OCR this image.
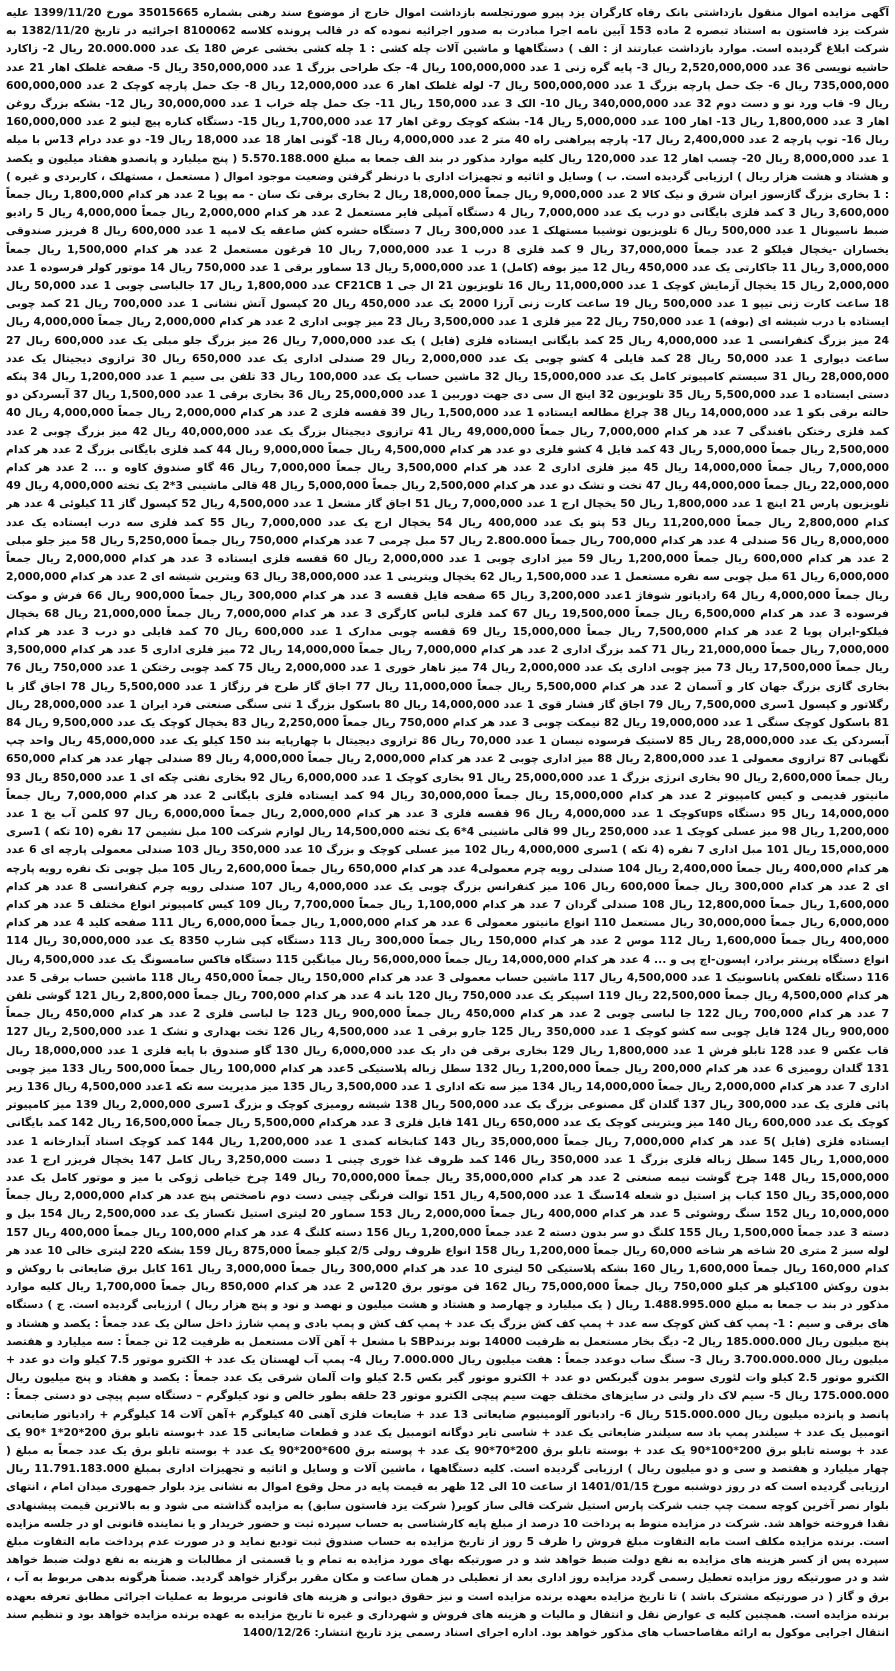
آگهی مزایده اموال منقول بازداشتی بانک رفاه کارگران یزد پیرو صورتجلسه بازداشت اموال خارج از موضوع سند رهنی بشماره 35015665 مورخ 1399/11/20 علیه شرکت یزد فاستون به استناد تبصره 2 ماده 153 آیین نامه اجرا مبادرت به صدور اجرائیه نموده که در قالب پرونده کلاسه 8100062 اجرائیه در تاریخ 1382/11/20 به شرکت ابلاغ گردیده است. موارد بازداشت عبارتند از : الف ) دستگاهها و ماشین آلات چله کشی : 1 چله کشی بخشی عرض 180 یک عدد 20.000.000 ریال 2- زاکارد حاشیه نویسی 36 عدد 2,520,000,000 ریال 3- پایه گره زنی 1 عدد 100,000,000 ریال 4- جک طراحی بزرگ 1 عدد 350,000,000 ریال 5- صفحه غلطک اهار 21 عدد 735,000,000 ریال 6- جک حمل پارچه بزرگ 1 عدد 500,000,000 ریال 7- لوله غلطک اهار 6 عدد 12,000,000 ریال 8- جک حمل پارچه کوچک 2 عدد 600,000,000 ریال 9- قاب ورد نو و دست دوم 32 عدد 340,000,000 ریال 10- الک 3 عدد 150,000 ریال 11- جک حمل چله خراب 1 عدد 30,000,000 ریال 12- بشکه بزرگ روغن اهار 3 عدد 1,800,000 ریال 13- اهار 100 عدد 5,000,000 ریال 14- بشکه کوچک روغن اهار 17 عدد 1,700,000 ریال 15- دستگاه کناره پیچ لینو 2 عدد 160,000,000 ریال 16- توپ پارچه 2 عدد 2,400,000 ریال 17- پارچه پیراهنی راه 40 متر 2 عدد 4,000,000 ریال 18- گونی اهار 18 عدد 18,000 ریال 19- دو عدد درام 13س با میله 1 عدد 8,000,000 ریال 20- چسب اهار 12 عدد 120,000 ریال کلیه موارد مذکور در بند الف جمعا به مبلغ 5.570.188.000 ( پنج میلیارد و پانصدو هفتاد میلیون و یکصد و هشتاد و هشت هزار ریال ) ارزیابی گردیده است. ب ) وسایل و اثاثیه و تجهیزات اداری با درنظر گرفتن وضعیت موجود اموال ( مستعمل ، مستهلک ، کاربردی و غیره ) : 1 بخاری بزرگ گازسوز ایران شرق و نیک کالا 2 عدد 9,000,000 ریال جمعاً 18,000,000 ریال 2 بخاری برقی تک سان - مه پویا 2 عدد هر کدام 1,800,000 ریال جمعاً 3,600,000 ریال 3 کمد فلزی بایگانی دو درب یک عدد 7,000,000 ریال 4 دستگاه آمپلی فایر مستعمل 2 عدد هر کدام 2,000,000 ریال جمعاً 4,000,000 ریال 5 رادیو ضبط ناسیونال 1 عدد 500,000 ریال 6 تلویزیون توشیبا مستهلک 1 عدد 300,000 ریال 7 دستگاه حشره کش صاعقه یک لامپه 1 عدد 600,000 ریال 8 فریزر صندوقی یخساران -یخچال فیلکو 2 عدد جمعاً 37,000,000 ریال 9 کمد فلزی 8 درب 1 عدد 7,000,000 ریال 10 فرغون مستعمل 2 عدد هر کدام 1,500,000 ریال جمعاً 3,000,000 ریال 11 جاکارتی یک عدد 450,000 ریال 12 میز بوفه (کامل) 1 عدد 5,000,000 ریال 13 سماور برقی 1 عدد 750,000 ریال 14 موتور کولر فرسوده 1 عدد 2,000,000 ریال 15 یخچال آزمایش کوچک 1 عدد 11,000,000 ریال 16 تلویزیون 21 ال جی 1 CF21CB عدد 1,800,000 ریال 17 جالباسی چوبی 1 عدد 50,000 ریال 18 ساعت کارت زنی تیپو 1 عدد 500,000 ریال 19 ساعت کارت زنی آرزا 2000 یک عدد 450,000 ریال 20 کپسول آتش نشانی 1 عدد 700,000 ریال 21 کمد چوبی ایستاده با درب شیشه ای (بوفه) 1 عدد 750,000 ریال 22 میز فلزی 1 عدد 3,500,000 ریال 23 میز چوبی اداری 2 عدد هر کدام 2,000,000 ریال جمعاً 4,000,000 ریال 24 میز بزرگ کنفرانسی 1 عدد 4,000,000 ریال 25 کمد بایگانی ایستاده فلزی (فایل ) یک عدد 7,000,000 ریال 26 میز بزرگ جلو مبلی یک عدد 600,000 ریال 27 ساعت دیواری 1 عدد 50,000 ریال 28 کمد فایلی 4 کشو چوبی یک عدد 2,000,000 ریال 29 صندلی اداری یک عدد 650,000 ریال 30 ترازوی دیجیتال یک عدد 28,000,000 ریال 31 سیستم کامپیوتر کامل یک عدد 15,000,000 ریال 32 ماشین حساب یک عدد 100,000 ریال 33 تلفن بی سیم 1 عدد 1,200,000 ریال 34 پنکه دستی ایستاده 1 عدد 5,500,000 ریال 35 تلویزیون 32 اینچ ال سی دی جهت دوربین 1 عدد 25,000,000 ریال 36 بخاری برقی 1 عدد 1,500,000 ریال 37 آبسردکن دو حالته برقی بکو 1 عدد 14,000,000 ریال 38 چراغ مطالعه ایستاده 1 عدد 1,500,000 ریال 39 قفسه فلزی 2 عدد هر کدام 2,000,000 ریال جمعاً 4,000,000 ریال 40 کمد فلزی رختکن بافندگی 7 عدد هر کدام 7,000,000 ریال جمعاً 49,000,000 ریال 41 ترازوی دیجیتال بزرگ یک عدد 40,000,000 ریال 42 میز بزرگ چوبی 2 عدد 2,500,000 ریال جمعاً 5,000,000 ریال 43 کمد فایل 4 کشو فلزی دو عدد هر کدام 4,500,000 ریال جمعاً 9,000,000 ریال 44 کمد فلزی بایگانی بزرگ 2 عدد هر کدام 7,000,000 ریال جمعاً 14,000,000 ریال 45 میز فلزی اداری 2 عدد هر کدام 3,500,000 ریال جمعاً 7,000,000 ریال 46 گاو صندوق کاوه و ... 2 عدد هر کدام 22,000,000 ریال جمعاً 44,000,000 ریال 47 تخت و تشک دو عدد هر کدام 2,500,000 ریال جمعاً 5,000,000 ریال 48 قالی ماشینی 3*2 یک تخته 4,000,000 ریال 49 تلویزیون پارس 21 اینچ 1 عدد 1,800,000 ریال 50 یخچال ارج 1 عدد 7,000,000 ریال 51 اجاق گاز مشعل 1 عدد 4,500,000 ریال 52 کپسول گاز 11 کیلوئی 4 عدد هر کدام 2,800,000 ریال جمعاً 11,200,000 ریال 53 پتو یک عدد 400,000 ریال 54 یخچال ارج یک عدد 7,000,000 ریال 55 کمد فلزی سه درب ایستاده یک عدد 8,000,000 ریال 56 صندلی 4 عدد هر کدام 700,000 ریال جمعاً 2.800.000 ریال 57 مبل چرمی 7 عدد هرکدام 750,000 ریال جمعاً 5,250,000 ریال 58 میز جلو مبلی 2 عدد هر کدام 600,000 ریال جمعاً 1,200,000 ریال 59 میز اداری چوبی 1 عدد 2,000,000 ریال 60 قفسه فلزی ایستاده 3 عدد هر کدام 2,000,000 ریال جمعاً 6,000,000 ریال 61 مبل چوبی سه نفره مستعمل 1 عدد 1,500,000 ریال 62 یخچال ویترینی 1 عدد 38,000,000 ریال 63 ویترین شیشه ای 2 عدد هر کدام 2,000,000 ریال جمعاً 4,000,000 ریال 64 رادیاتور شوفاژ 1عدد 3,200,000 ریال 65 صفحه فایل قفسه 3 عدد هر کدام 300,000 ریال جمعاً 900,000 ریال 66 فرش و موکت فرسوده 3 عدد هر کدام 6,500,000 ریال جمعاً 19,500,000 ریال 67 کمد فلزی لباس کارگری 3 عدد هر کدام 7,000,000 ریال جمعاً 21,000,000 ریال 68 یخچال فیلکو-ایران پویا 2 عدد هر کدام 7,500,000 ریال جمعاً 15,000,000 ریال 69 قفسه چوبی مدارک 1 عدد 600,000 ریال 70 کمد فایلی دو درب 3 عدد هر کدام 7,000,000 ریال جمعاً 21,000,000 ریال 71 کمد بزرگ اداری 2 عدد هر کدام 7,000,000 ریال جمعاً 14,000,000 ریال 72 میز فلزی اداری 5 عدد هر کدام 3,500,000 ریال جمعاً 17,500,000 ریال 73 میز چوبی اداری یک عدد 2,000,000 ریال 74 میز ناهار خوری 1 عدد 2,000,000 ریال 75 کمد چوبی رختکن 1 عدد 750,000 ریال 76 بخاری گازی بزرگ جهان کار و آسمان 2 عدد هر کدام 5,500,000 ریال جمعاً 11,000,000 ریال 77 اجاق گاز طرح فر رزگاز 1 عدد 5,500,000 ریال 78 اجاق گاز با رگلاتور و کپسول 1سری 7,500,000 ریال 79 اجاق گاز فشار قوی 1 عدد 14,000,000 ریال 80 باسکول بزرگ 1 تنی سنگی صنعتی فرد ایران 1 عدد 28,000,000 ریال 81 باسکول کوچک سنگی 1 عدد 19,000,000 ریال 82 نیمکت چوبی 3 عدد هر کدام 750,000 ریال جمعاً 2,250,000 ریال 83 یخچال کوچک یک عدد 9,500,000 ریال 84 آبسردکن یک عدد 28,000,000 ریال 85 لاستیک فرسوده نیسان 1 عدد 70,000 ریال 86 ترازوی دیجیتال با چهارپایه بند 150 کیلو یک عدد 45,000,000 ریال واحد چپ نگهبانی 87 ترازوی معمولی 1 عدد 2,800,000 ریال 88 میز اداری چوبی 2 عدد هر کدام 2,000,000 ریال جمعاً 4,000,000 ریال 89 صندلی چهار عدد هر کدام 650,000 ریال جمعاً 2,600,000 ریال 90 بخاری انرژی بزرگ 1 عدد 25,000,000 ریال 91 بخاری کوچک 1 عدد 6,000,000 ریال 92 بخاری نفتی چکه ای 1 عدد 850,000 ریال 93 مانیتور قدیمی و کیس کامپیوتر 2 عدد هر کدام 15,000,000 ریال جمعاً 30,000,000 ریال 94 کمد ایستاده فلزی بایگانی 2 عدد هر کدام 7,000,000 ریال جمعاً 14,000,000 ریال 95 دستگاه upsکوچک 1 عدد 4,000,000 ریال 96 قفسه فلزی 3 عدد هر کدام 2,000,000 ریال جمعاً 6,000,000 ریال 97 کلمن آب یخ 1 عدد 1,200,000 ریال 98 میز عسلی کوچک 1 عدد 250,000 ریال 99 قالی ماشینی 4*6 یک تخته 14,500,000 ریال لوازم شرکت 100 مبل نشیمن 17 نفره (10 تکه ) 1سری 15,000,000 ریال 101 مبل اداری 7 نفره (4 تکه ) 1سری 4,000,000 ریال 102 میز عسلی کوچک و بزرگ 10 عدد 350,000 ریال 103 صندلی معمولی پارچه ای 6 عدد هر کدام 400,000 ریال جمعاً 2,400,000 ریال 104 صندلی رویه چرم معمولی4 عدد هر کدام 650,000 ریال جمعاً 2,600,000 ریال 105 مبل چوبی تک نفره رویه پارچه ای 2 عدد هر کدام 300,000 ریال جمعاً 600,000 ریال 106 میز کنفرانس بزرگ چوبی یک عدد 4,000,000 ریال 107 صندلی رویه چرم کنفرانسی 8 عدد هر کدام 1,600,000 ریال جمعاً 12,800,000 ریال 108 صندلی گردان 7 عدد هر کدام 1,100,000 ریال جمعاً 7,700,000 ریال 109 کیس کامپیوتر انواع مختلف 5 عدد هر کدام 6,000,000 ریال جمعاً 30,000,000 ریال مستعمل 110 انواع مانیتور معمولی 6 عدد هر کدام 1,000,000 ریال جمعاً 6,000,000 ریال 111 صفحه کلید 4 عدد هر کدام 400,000 ریال جمعاً 1,600,000 ریال 112 موس 2 عدد هر کدام 150,000 ریال جمعاً 300,000 ریال 113 دستگاه کپی شارپ 8350 یک عدد 30,000,000 ریال 114 انواع دستگاه پرینتر برادر، اپسون-اچ پی و ... 4 عدد هر کدام 14,000,000 ریال جمعاً 56,000,000 ریال میانگین 115 دستگاه فاکس سامسونگ یک عدد 4,500,000 ریال 116 دستگاه تلفکس پاناسونیک 1 عدد 4,500,000 ریال 117 ماشین حساب معمولی 3 عدد هر کدام 150,000 ریال جمعاً 450,000 ریال 118 ماشین حساب برقی 5 عدد هر کدام 4,500,000 ریال جمعاً 22,500,000 ریال 119 اسپیکر یک عدد 750,000 ریال 120 باند 4 عدد هر کدام 700,000 ریال جمعاً 2,800,000 ریال 121 گوشی تلفن 7 عدد هر کدام 700,000 ریال 122 جا لباسی چوبی 2 عدد هر کدام 450,000 ریال جمعاً 900,000 ریال 123 جا لباسی فلزی 2 عدد هر کدام 450,000 ریال جمعاً 900,000 ریال 124 فایل چوبی سه کشو کوچک 1 عدد 350,000 ریال 125 جارو برقی 1 عدد 4,500,000 ریال 126 تخت بهداری و تشک 1 عدد 2,500,000 ریال 127 قاب عکس 9 عدد 128 تابلو فرش 1 عدد 1,800,000 ریال 129 بخاری برقی فن دار یک عدد 6,000,000 ریال 130 گاو صندوق با پایه فلزی 1 عدد 18,000,000 ریال 131 گلدان رومیزی 6 عدد هر کدام 200,000 ریال جمعاً 1,200,000 ریال 132 سطل زباله پلاستیکی 5عدد هر کدام 100,000 ریال جمعاً 500,000 ریال 133 میز چوبی اداری 7 عدد هر کدام 2,000,000 ریال جمعاً 14,000,000 ریال 134 میز سه تکه اداری 1 عدد 3,500,000 ریال 135 میز مدیریت سه تکه 1عدد 4,500,000 ریال 136 زیر پائی فلزی یک عدد 300,000 ریال 137 گلدان گل مصنوعی بزرگ یک عدد 500,000 ریال 138 شیشه رومیزی کوچک و بزرگ 1سری 2,000,000 ریال 139 میز کامپیوتر کوچک یک عدد 600,000 ریال 140 میز ویترینی کوچک یک عدد 650,000 ریال 141 فایل فلزی 3 عدد هرکدام 5,500,000 ریال جمعاً 16,500,000 ریال 142 کمد بایگانی ایستاده فلزی (فایل )5 عدد هر کدام 7,000,000 ریال جمعاً 35,000,000 ریال 143 کتابخانه کمدی 1 عدد 1,200,000 ریال 144 کمد کوچک اسناد آبدارخانه 1 عدد 1,000,000 ریال 145 سطل زباله فلزی بزرگ 1 عدد 350,000 ریال 146 کمد ظروف غذا خوری چینی 1 دست 3,250,000 ریال کامل 147 یخچال فریزر ارج 1 عدد 15,000,000 ریال 148 چرخ گوشت نیمه صنعتی 2 عدد هر کدام 35,000,000 ریال جمعاً 70,000,000 ریال 149 چرخ خیاطی ژوکی با میز و موتور کامل یک عدد 35,000,000 ریال 150 کباب پز استیل دو شعله 14سنگ 1 عدد 4,500,000 ریال 151 توالت فرنگی چینی دست دوم ناصختص پنج عدد هر کدام 2,000,000 ریال جمعاً 10,000,000 ریال 152 سنگ روشوئی 5 عدد هر کدام 400,000 ریال جمعاً 2,000,000 ریال 153 سماور 20 لیتری استیل تکساز یک عدد 2,500,000 ریال 154 بیل و دسته 3 عدد جمعاً 1,500,000 ریال 155 کلنگ دو سر بدون دسته 2 عدد جمعاً 1,200,000 ریال 156 دسته کلنگ 4 عدد هر کدام 100,000 ریال جمعاً 400,000 ریال 157 لوله سبز 2 متری 20 شاخه هر شاخه 60,000 ریال جمعاً 1,200,000 ریال 158 انواع ظروف رولی 2/5 کیلو جمعاً 875,000 ریال 159 بشکه 220 لیتری خالی 10 عدد هر کدام 160,000 ریال جمعاً 1,600,000 ریال 160 بشکه پلاستیکی 50 لیتری 10 عدد هر کدام 300,000 ریال جمعاً 3,000,000 ریال 161 کابل برق ضایعاتی با روکش و بدون روکش 100کیلو هر کیلو 750,000 ریال جمعاً 75,000,000 ریال 162 فن موتور برق 120س 2 عدد هر کدام 850,000 ریال جمعاً 1,700,000 ریال کلیه موارد مذکور در بند ب جمعا به مبلغ 1.488.995.000 ریال ( یک میلیارد و چهارصد و هشتاد و هشت میلیون و نهصد و نود و پنج هزار ریال ) ارزیابی گردیده است. ج ) دستگاه های برقی و سیم : 1- پمپ کف کش کوچک سه عدد + پمپ کف کش بزرگ یک عدد + پمپ کف کش و پمپ بادی و پمپ شارژ داخل سالن یک عدد جمعاً : یکصد و هشتاد و پنج میلیون ریال 185.000.000 ریال 2- دیگ بخار مستعمل به ظرفیت 14000 بوند برندSBP با مشعل + آهن آلات مستعمل به ظرفیت 12 تن جمعاً : سه میلیارد و هفتصد میلیون ریال 3.700.000.000 ریال 3- سنگ ساب دوعدد جمعاً : هفت میلیون ریال 7.000.000 ریال 4- پمپ آب لهستان یک عدد + الکترو موتور 7.5 کیلو وات دو عدد + الکترو موتور 2.5 کیلو وات لئوری سومر بدون گیربکس دو عدد + الکترو موتور گیر بکس 2.5 کیلو وات آلمان شرقی یک عدد جمعاً : یکصد و هفتاد و پنج میلیون ریال 175.000.000 ریال 5- سیم لاک دار ولتی در سایزهای مختلف جهت سیم پیچی الکترو موتور 23 حلقه بطور خالص و نود کیلوگرم – دستگاه سیم پیچی دو دستی جمعاً : پانصد و پانزده میلیون ریال 515.000.000 ریال 6- رادیاتور آلومینیوم ضایعاتی 13 عدد + ضایعات فلزی آهنی 40 کیلوگرم +آهن آلات 14 کیلوگرم + رادیاتور ضایعاتی اتومبیل یک عدد + سیلندر پمپ باد سه سیلندر ضایعاتی یک عدد + شاسی تایر دوگانه اتومبیل یک عدد و قطعات ضایعاتی 15 عدد +بوسته تابلو برق 200*20*1 *90 یک عدد + بوسته تابلو برق 200*100*90 یک عدد + بوسته تابلو برق 200*70*90 یک عدد + پوسته برق 600*200*90 یک عدد + بوسته تابلو برق یک عدد جمعاً به مبلغ ( چهار میلیارد و هفتصد و سی و دو میلیون ریال ) ارزیابی گردیده است. کلیه دستگاهها ، ماشین آلات و وسایل و اثاثیه و تجهیزات اداری بمبلغ 11.791.183.000 ریال ارزیابی گردیده است که در روز دوشنبه مورخ 1401/01/15 از ساعت 10 الی 12 ظهر به قیمت پایه در محل وقوع اموال به نشانی یزد بلوار جمهوری میدان امام ، انتهای بلوار نصر آخرین کوچه سمت چپ جنب شرکت پارس استیل شرکت قالی ساز کویر( شرکت یزد فاستون سابق) به مزایده گذاشته می شود و به بالاترین قیمت پیشنهادی نقدا فروخته خواهد شد. شرکت در مزایده منوط به پرداخت 10 درصد از مبلغ پایه کارشناسی به حساب سپرده ثبت و حضور خریدار و یا نماینده قانونی او در جلسه مزایده است. برنده مزایده مکلف است مابه التفاوت مبلغ فروش را ظرف 5 روز از تاریخ مزایده به حساب صندوق ثبت تودیع نماید و در صورت عدم پرداخت مابه التفاوت مبلغ سپرده پس از کسر هزینه های مزایده به نفع دولت ضبط خواهد شد و در صورتیکه بهای مورد مزایده به تمام و یا قسمتی از مطالبات و هزینه به نفع دولت ضبط خواهد شد و در صورتیکه روز مزایده تعطیل رسمی گردد مزایده روز اداری بعد از تعطیلی در همان ساعت و مکان مقرر برگزار خواهد گردید. ضمناً هرگونه بدهی مربوط به آب ، برق و گاز ( در صورتیکه مشترک باشد ) تا تاریخ مزایده بعهده برنده مزایده است و نیز حقوق دیوانی و هزینه های قانونی مربوط به عملیات اجرائی مطابق تعرفه بعهده برنده مزایده است. همچنین کلیه ی عوارض نقل و انتقال و مالیات و هزینه های فروش و شهرداری و غیره تا تاریخ مزایده به عهده برنده مزایده خواهد بود و تنظیم سند انتقال اجرایی موکول به ارائه مفاصاحساب های مذکور خواهد بود. اداره اجرای اسناد رسمی یزد تاریخ انتشار: 1400/12/26
